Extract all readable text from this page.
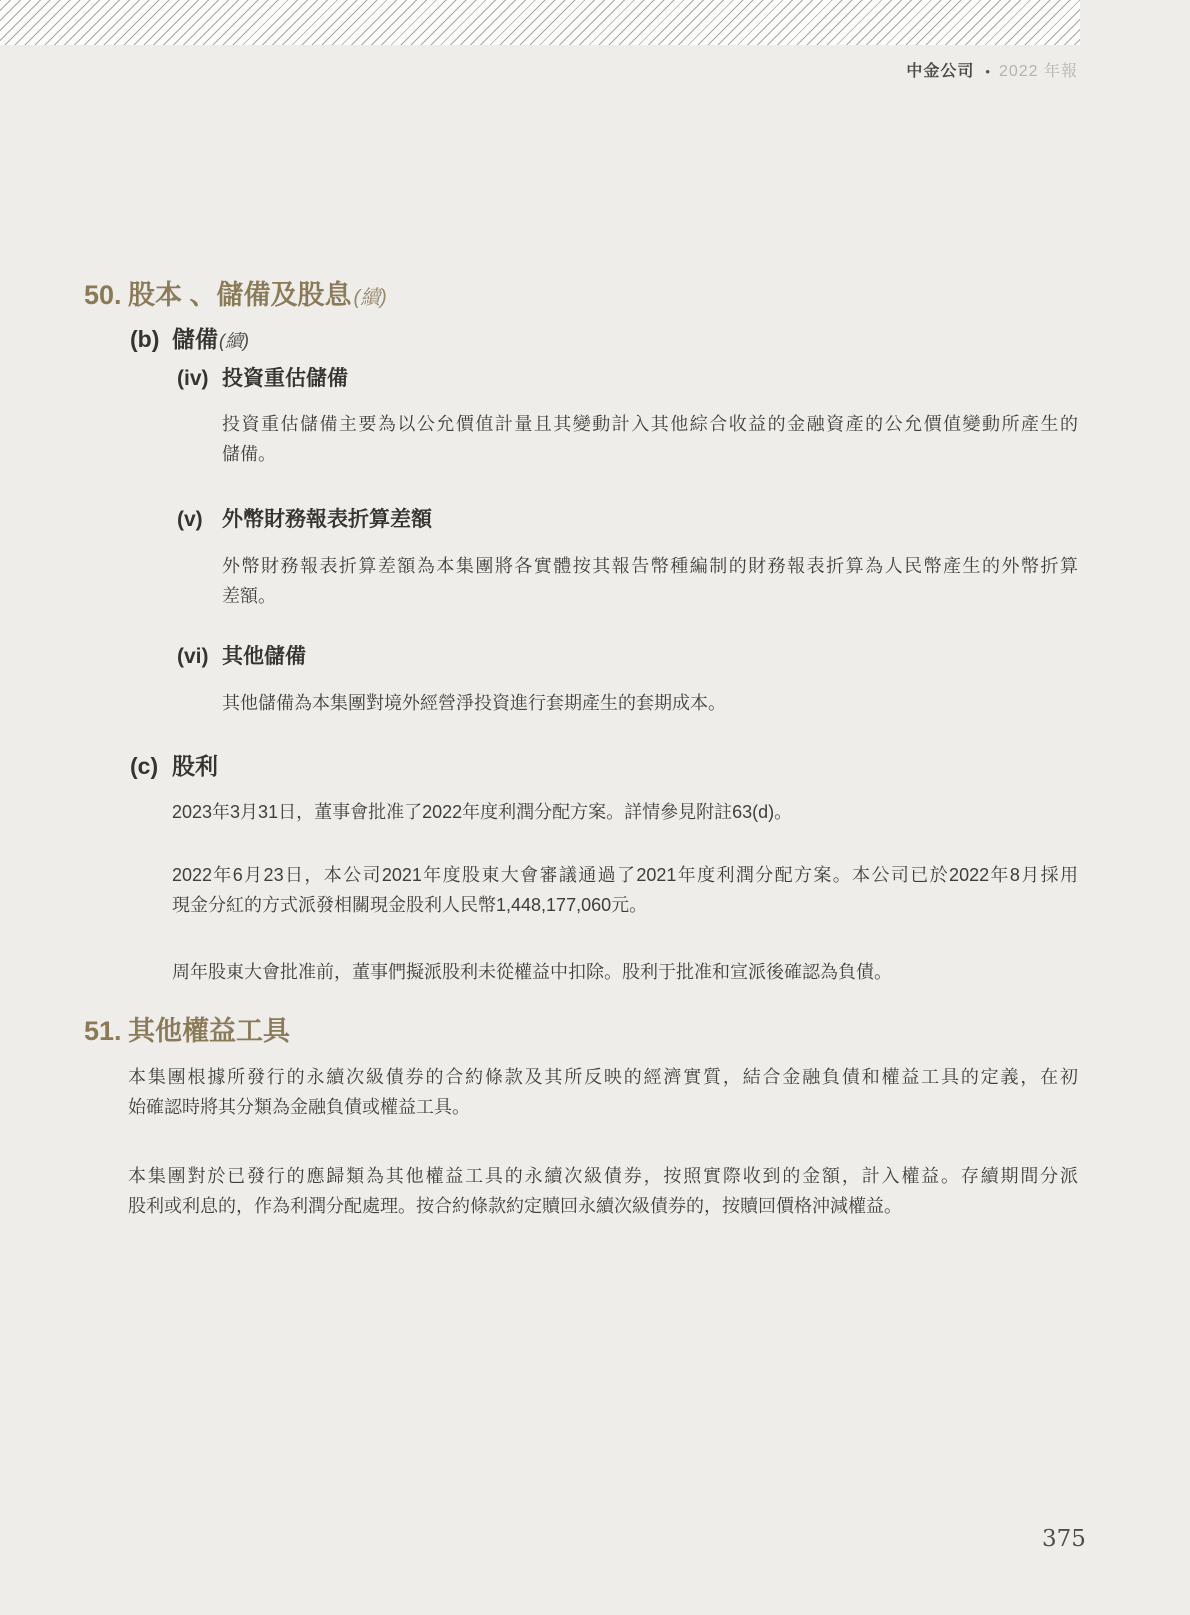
中金公司 • 2022 年報
50. 股本 、儲備及股息 (續)
(b) 儲備(續)
(iv) 投資重估儲備
投資重估儲備主要為以公允價值計量且其變動計入其他綜合收益的金融資產的公允價值變動所產生的
儲備。
(v) 外幣財務報表折算差額
外幣財務報表折算差額為本集團將各實體按其報告幣種編制的財務報表折算為人民幣產生的外幣折算
差額。
(vi) 其他儲備
其他儲備為本集團對境外經營淨投資進行套期產生的套期成本。
(c) 股利
2023年3月31日，董事會批准了2022年度利潤分配方案。詳情參見附註63(d)。
2022年6月23日，本公司2021年度股東大會審議通過了2021年度利潤分配方案。本公司已於2022年8月採用
現金分紅的方式派發相關現金股利人民幣1,448,177,060元。
周年股東大會批准前，董事們擬派股利未從權益中扣除。股利于批准和宣派後確認為負債。
51. 其他權益工具
本集團根據所發行的永續次級債券的合約條款及其所反映的經濟實質，結合金融負債和權益工具的定義，在初
始確認時將其分類為金融負債或權益工具。
本集團對於已發行的應歸類為其他權益工具的永續次級債券，按照實際收到的金額，計入權益。存續期間分派
股利或利息的，作為利潤分配處理。按合約條款約定贖回永續次級債券的，按贖回價格沖減權益。
375
